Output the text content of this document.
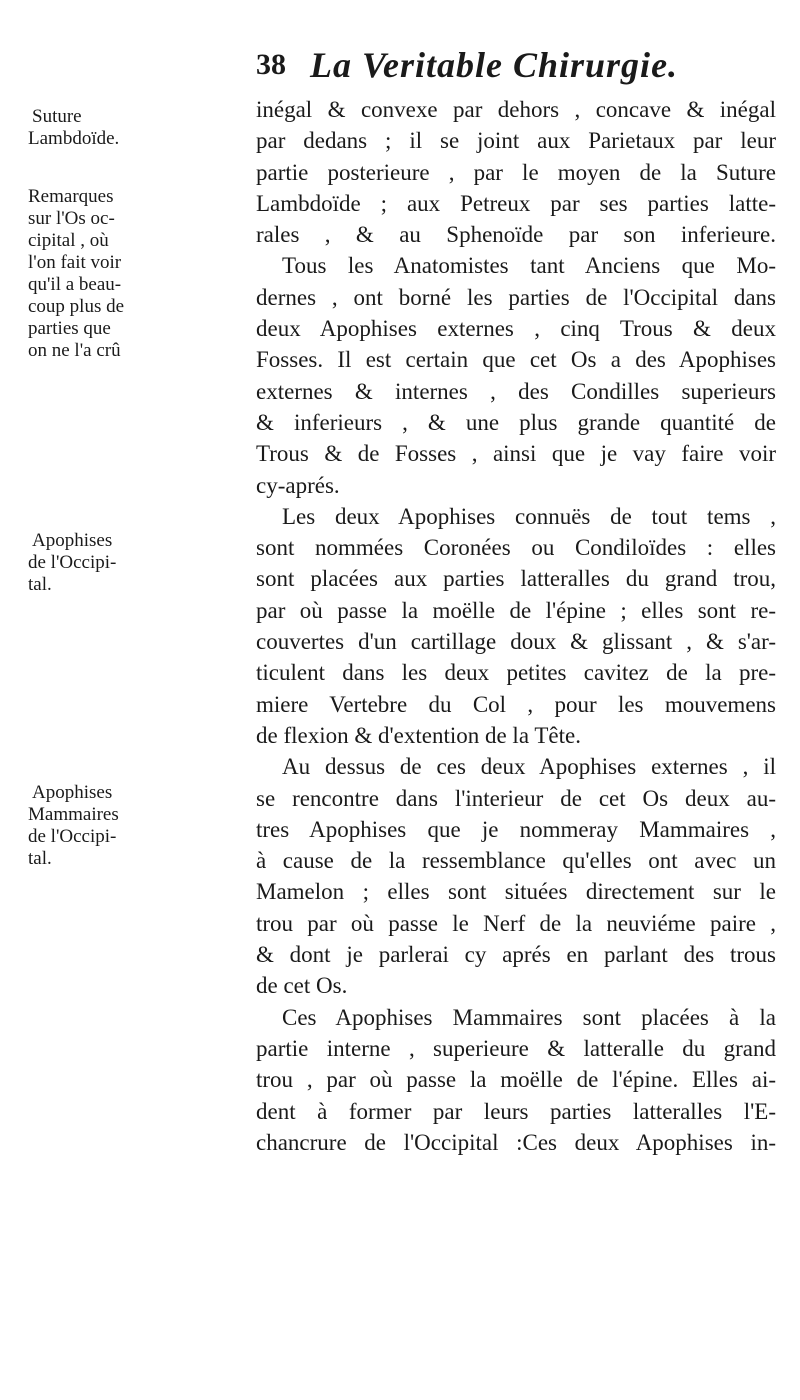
38 La Veritable Chirurgie.
Suture
Lambdoïde.
Remarques
sur l'Os oc-
cipital , où
l'on fait voir
qu'il a beau-
coup plus de
parties que
on ne l'a crû
Apophises
de l'Occipi-
tal.
Apophises
Mammaires
de l'Occipi-
tal.
inégal & convexe par dehors , concave & inégal
par dedans ; il se joint aux Parietaux par leur
partie posterieure , par le moyen de la Suture
Lambdoïde ; aux Petreux par ses parties latte-
rales , & au Sphenoïde par son inferieure.
Tous les Anatomistes tant Anciens que Mo-
dernes , ont borné les parties de l'Occipital dans
deux Apophises externes , cinq Trous & deux
Fosses. Il est certain que cet Os a des Apophises
externes & internes , des Condilles superieurs
& inferieurs , & une plus grande quantité de
Trous & de Fosses , ainsi que je vay faire voir
cy-aprés.
Les deux Apophises connuës de tout tems ,
sont nommées Coronées ou Condiloïdes : elles
sont placées aux parties latteralles du grand trou,
par où passe la moëlle de l'épine ; elles sont re-
couvertes d'un cartillage doux & glissant , & s'ar-
ticulent dans les deux petites cavitez de la pre-
miere Vertebre du Col , pour les mouvemens
de flexion & d'extention de la Tête.
Au dessus de ces deux Apophises externes , il
se rencontre dans l'interieur de cet Os deux au-
tres Apophises que je nommeray Mammaires ,
à cause de la ressemblance qu'elles ont avec un
Mamelon ; elles sont situées directement sur le
trou par où passe le Nerf de la neuviéme paire ,
& dont je parlerai cy aprés en parlant des trous
de cet Os.
Ces Apophises Mammaires sont placées à la
partie interne , superieure & latteralle du grand
trou , par où passe la moëlle de l'épine. Elles ai-
dent à former par leurs parties latteralles l'E-
chancrure de l'Occipital :Ces deux Apophises in-
